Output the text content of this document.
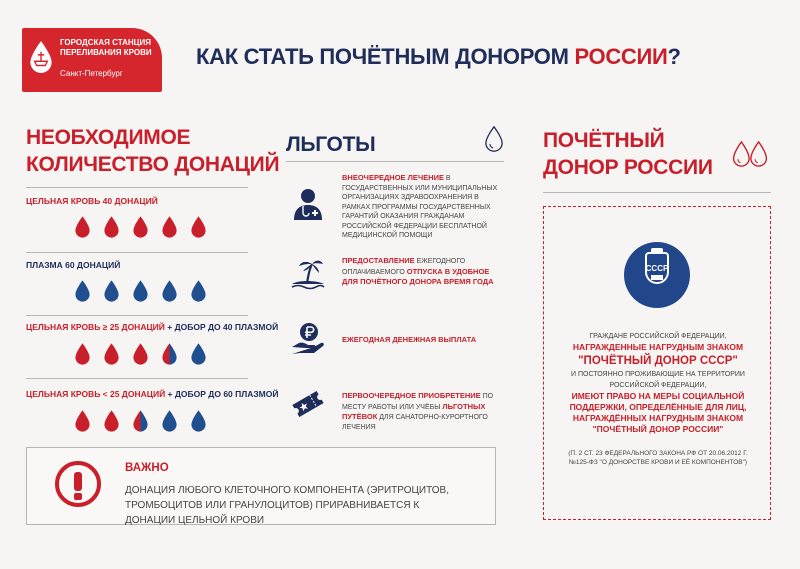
ГОРОДСКАЯ СТАНЦИЯ
ПЕРЕЛИВАНИЯ КРОВИ
Санкт-Петербург
КАК СТАТЬ ПОЧЁТНЫМ ДОНОРОМ РОССИИ?
НЕОБХОДИМОЕ
КОЛИЧЕСТВО ДОНАЦИЙ
ЦЕЛЬНАЯ КРОВЬ 40 ДОНАЦИЙ
ПЛАЗМА 60 ДОНАЦИЙ
ЦЕЛЬНАЯ КРОВЬ ≥ 25 ДОНАЦИЙ + ДОБОР ДО 40 ПЛАЗМОЙ
ЦЕЛЬНАЯ КРОВЬ < 25 ДОНАЦИЙ + ДОБОР ДО 60 ПЛАЗМОЙ
ЛЬГОТЫ
ВНЕОЧЕРЕДНОЕ ЛЕЧЕНИЕ В ГОСУДАРСТВЕННЫХ ИЛИ МУНИЦИПАЛЬНЫХ ОРГАНИЗАЦИЯХ ЗДРАВООХРАНЕНИЯ В РАМКАХ ПРОГРАММЫ ГОСУДАРСТВЕННЫХ ГАРАНТИЙ ОКАЗАНИЯ ГРАЖДАНАМ РОССИЙСКОЙ ФЕДЕРАЦИИ БЕСПЛАТНОЙ МЕДИЦИНСКОЙ ПОМОЩИ
ПРЕДОСТАВЛЕНИЕ ЕЖЕГОДНОГО ОПЛАЧИВАЕМОГО ОТПУСКА В УДОБНОЕ ДЛЯ ПОЧЁТНОГО ДОНОРА ВРЕМЯ ГОДА
ЕЖЕГОДНАЯ ДЕНЕЖНАЯ ВЫПЛАТА
ПЕРВООЧЕРЕДНОЕ ПРИОБРЕТЕНИЕ ПО МЕСТУ РАБОТЫ ИЛИ УЧЁБЫ ЛЬГОТНЫХ ПУТЁВОК ДЛЯ САНАТОРНО-КУРОРТНОГО ЛЕЧЕНИЯ
ВАЖНО
ДОНАЦИЯ ЛЮБОГО КЛЕТОЧНОГО КОМПОНЕНТА (ЭРИТРОЦИТОВ, ТРОМБОЦИТОВ ИЛИ ГРАНУЛОЦИТОВ) ПРИРАВНИВАЕТСЯ К ДОНАЦИИ ЦЕЛЬНОЙ КРОВИ
ПОЧЁТНЫЙ
ДОНОР РОССИИ
СССР
ГРАЖДАНЕ РОССИЙСКОЙ ФЕДЕРАЦИИ,
НАГРАЖДЕННЫЕ НАГРУДНЫМ ЗНАКОМ
"ПОЧЁТНЫЙ ДОНОР СССР"
И ПОСТОЯННО ПРОЖИВАЮЩИЕ НА ТЕРРИТОРИИ
РОССИЙСКОЙ ФЕДЕРАЦИИ,
ИМЕЮТ ПРАВО НА МЕРЫ СОЦИАЛЬНОЙ
ПОДДЕРЖКИ, ОПРЕДЕЛЁННЫЕ ДЛЯ ЛИЦ,
НАГРАЖДЁННЫХ НАГРУДНЫМ ЗНАКОМ
"ПОЧЁТНЫЙ ДОНОР РОССИИ"
(П. 2 СТ. 23 ФЕДЕРАЛЬНОГО ЗАКОНА РФ ОТ 20.06.2012 Г.
№125-ФЗ "О ДОНОРСТВЕ КРОВИ И ЕЁ КОМПОНЕНТОВ")
